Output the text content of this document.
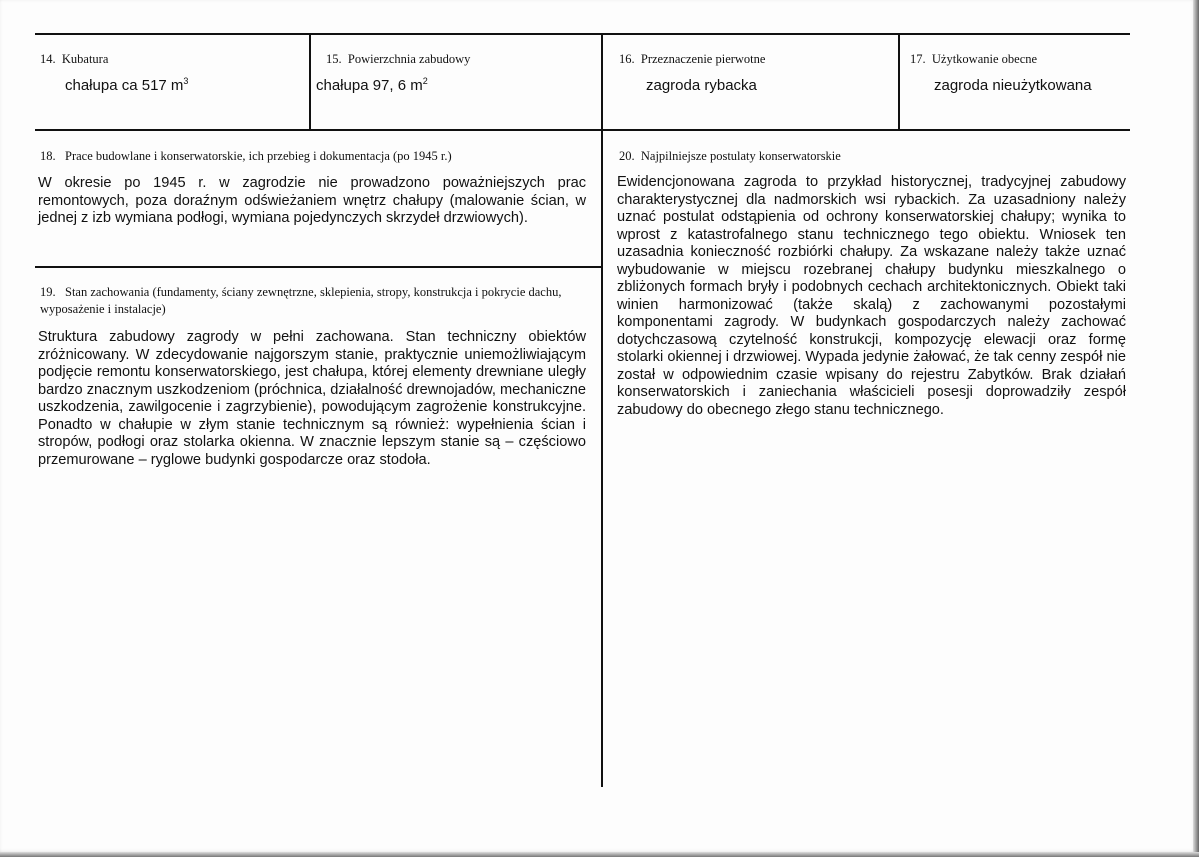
14. Kubatura
chałupa ca 517 $m^3$
15. Powierzchnia zabudowy
chałupa 97, 6 $m^2$
16. Przeznaczenie pierwotne
zagroda rybacka
17. Użytkowanie obecne
zagroda nieużytkowana
18. Prace budowlane i konserwatorskie, ich przebieg i dokumentacja (po 1945 r.)
W okresie po 1945 r. w zagrodzie nie prowadzono poważniejszych prac remontowych, poza doraźnym odświeżaniem wnętrz chałupy (malowanie ścian, w jednej z izb wymiana podłogi, wymiana pojedynczych skrzydeł drzwiowych).
19. Stan zachowania (fundamenty, ściany zewnętrzne, sklepienia, stropy, konstrukcja i pokrycie dachu, wyposażenie i instalacje)
Struktura zabudowy zagrody w pełni zachowana. Stan techniczny obiektów zróżnicowany. W zdecydowanie najgorszym stanie, praktycznie uniemożliwiającym podjęcie remontu konserwatorskiego, jest chałupa, której elementy drewniane uległy bardzo znacznym uszkodzeniom (próchnica, działalność drewnojadów, mechaniczne uszkodzenia, zawilgocenie i zagrzybienie), powodującym zagrożenie konstrukcyjne. Ponadto w chałupie w złym stanie technicznym są również: wypełnienia ścian i stropów, podłogi oraz stolarka okienna. W znacznie lepszym stanie są – częściowo przemurowane – ryglowe budynki gospodarcze oraz stodoła.
20. Najpilniejsze postulaty konserwatorskie
Ewidencjonowana zagroda to przykład historycznej, tradycyjnej zabudowy charakterystycznej dla nadmorskich wsi rybackich. Za uzasadniony należy uznać postulat odstąpienia od ochrony konserwatorskiej chałupy; wynika to wprost z katastrofalnego stanu technicznego tego obiektu. Wniosek ten uzasadnia konieczność rozbiórki chałupy. Za wskazane należy także uznać wybudowanie w miejscu rozebranej chałupy budynku mieszkalnego o zbliżonych formach bryły i podobnych cechach architektonicznych. Obiekt taki winien harmonizować (także skalą) z zachowanymi pozostałymi komponentami zagrody. W budynkach gospodarczych należy zachować dotychczasową czytelność konstrukcji, kompozycję elewacji oraz formę stolarki okiennej i drzwiowej. Wypada jedynie żałować, że tak cenny zespół nie został w odpowiednim czasie wpisany do rejestru Zabytków. Brak działań konserwatorskich i zaniechania właścicieli posesji doprowadziły zespół zabudowy do obecnego złego stanu technicznego.
